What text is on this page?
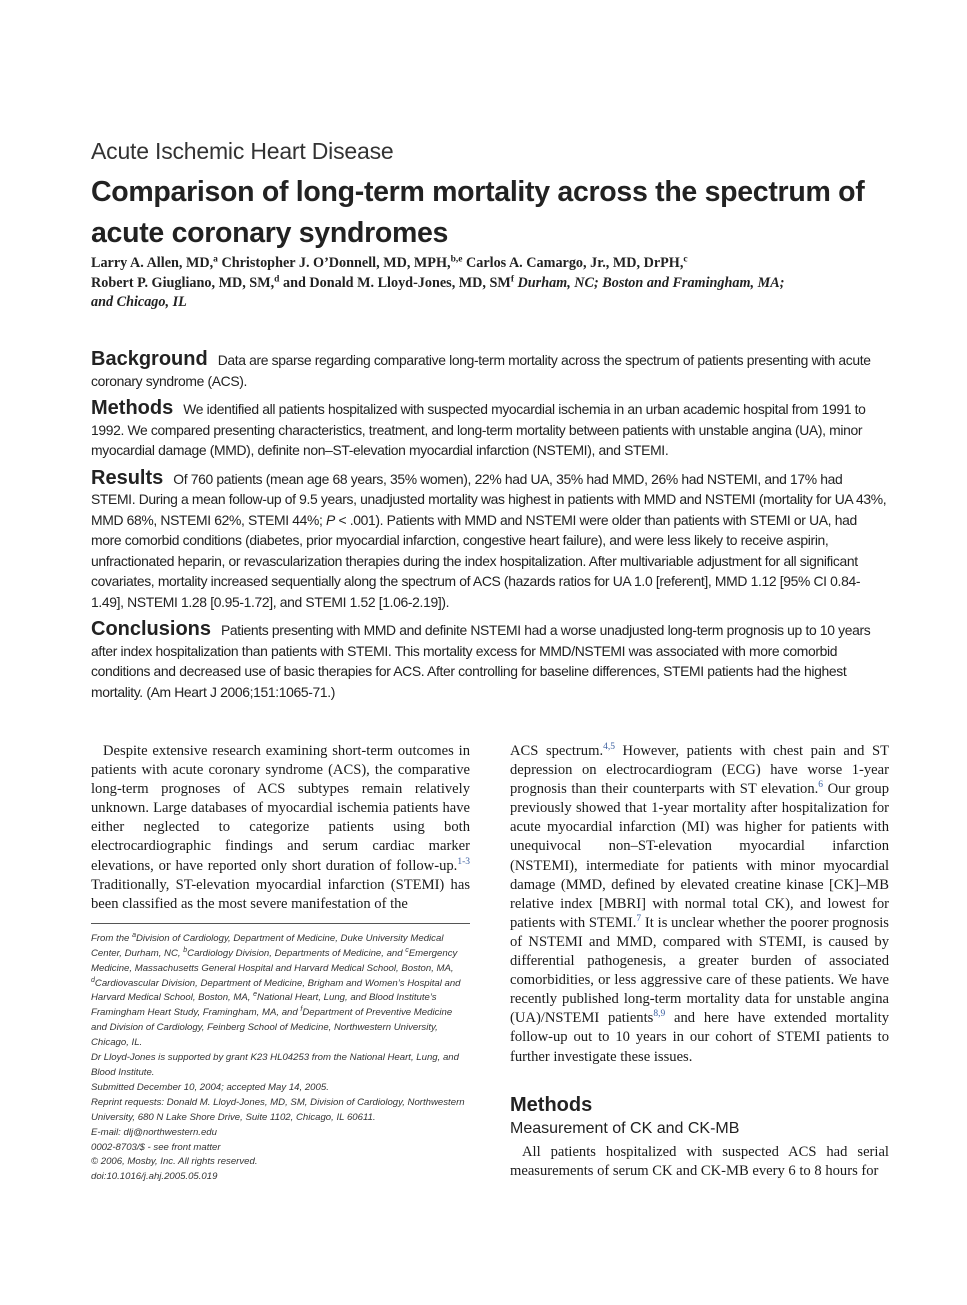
Acute Ischemic Heart Disease
Comparison of long-term mortality across the spectrum of acute coronary syndromes
Larry A. Allen, MD,$^a$ Christopher J. O’Donnell, MD, MPH,$^{b,e}$ Carlos A. Camargo, Jr., MD, DrPH,$^c$
Robert P. Giugliano, MD, SM,$^d$ and Donald M. Lloyd-Jones, MD, $SM^f$ Durham, NC; Boston and Framingham, MA; and Chicago, IL

Background Data are sparse regarding comparative long-term mortality across the spectrum of patients presenting with acute coronary syndrome (ACS).

Methods We identified all patients hospitalized with suspected myocardial ischemia in an urban academic hospital from 1991 to 1992. We compared presenting characteristics, treatment, and long-term mortality between patients with unstable angina (UA), minor myocardial damage (MMD), definite non–ST-elevation myocardial infarction (NSTEMI), and STEMI.

Results Of 760 patients (mean age 68 years, 35% women), 22% had UA, 35% had MMD, 26% had NSTEMI, and 17% had STEMI. During a mean follow-up of 9.5 years, unadjusted mortality was highest in patients with MMD and NSTEMI (mortality for UA 43%, MMD 68%, NSTEMI 62%, STEMI 44%; P < .001). Patients with MMD and NSTEMI were older than patients with STEMI or UA, had more comorbid conditions (diabetes, prior myocardial infarction, congestive heart failure), and were less likely to receive aspirin, unfractionated heparin, or revascularization therapies during the index hospitalization. After multivariable adjustment for all significant covariates, mortality increased sequentially along the spectrum of ACS (hazards ratios for UA 1.0 [referent], MMD 1.12 [95% CI 0.84-1.49], NSTEMI 1.28 [0.95-1.72], and STEMI 1.52 [1.06-2.19]).

Conclusions Patients presenting with MMD and definite NSTEMI had a worse unadjusted long-term prognosis up to 10 years after index hospitalization than patients with STEMI. This mortality excess for MMD/NSTEMI was associated with more comorbid conditions and decreased use of basic therapies for ACS. After controlling for baseline differences, STEMI patients had the highest mortality. (Am Heart J 2006;151:1065-71.)

Despite extensive research examining short-term outcomes in patients with acute coronary syndrome (ACS), the comparative long-term prognoses of ACS subtypes remain relatively unknown. Large databases of myocardial ischemia patients have either neglected to categorize patients using both electrocardiographic findings and serum cardiac marker elevations, or have reported only short duration of follow-up.$^{1-3}$ Traditionally, ST-elevation myocardial infarction (STEMI) has been classified as the most severe manifestation of the

From the $^a$Division of Cardiology, Department of Medicine, Duke University Medical Center, Durham, NC, $^b$Cardiology Division, Departments of Medicine, and $^c$Emergency Medicine, Massachusetts General Hospital and Harvard Medical School, Boston, MA, $^d$Cardiovascular Division, Department of Medicine, Brigham and Women’s Hospital and Harvard Medical School, Boston, MA, $^e$National Heart, Lung, and Blood Institute’s Framingham Heart Study, Framingham, MA, and $^f$Department of Preventive Medicine and Division of Cardiology, Feinberg School of Medicine, Northwestern University, Chicago, IL.

Dr Lloyd-Jones is supported by grant K23 HL04253 from the National Heart, Lung, and Blood Institute.

Submitted December 10, 2004; accepted May 14, 2005.

Reprint requests: Donald M. Lloyd-Jones, MD, SM, Division of Cardiology, Northwestern University, 680 N Lake Shore Drive, Suite 1102, Chicago, IL 60611.

E-mail: dlj@northwestern.edu

0002-8703/$ - see front matter

© 2006, Mosby, Inc. All rights reserved.

doi:10.1016/j.ahj.2005.05.019

ACS spectrum.$^{4,5}$ However, patients with chest pain and ST depression on electrocardiogram (ECG) have worse 1-year prognosis than their counterparts with ST elevation.$^6$ Our group previously showed that 1-year mortality after hospitalization for acute myocardial infarction (MI) was higher for patients with unequivocal non–ST-elevation myocardial infarction (NSTEMI), intermediate for patients with minor myocardial damage (MMD, defined by elevated creatine kinase [CK]–MB relative index [MBRI] with normal total CK), and lowest for patients with STEMI.$^7$ It is unclear whether the poorer prognosis of NSTEMI and MMD, compared with STEMI, is caused by differential pathogenesis, a greater burden of associated comorbidities, or less aggressive care of these patients. We have recently published long-term mortality data for unstable angina (UA)/NSTEMI patients$^{8,9}$ and here have extended mortality follow-up out to 10 years in our cohort of STEMI patients to further investigate these issues.

Methods
Measurement of CK and CK-MB

All patients hospitalized with suspected ACS had serial measurements of serum CK and CK-MB every 6 to 8 hours for
